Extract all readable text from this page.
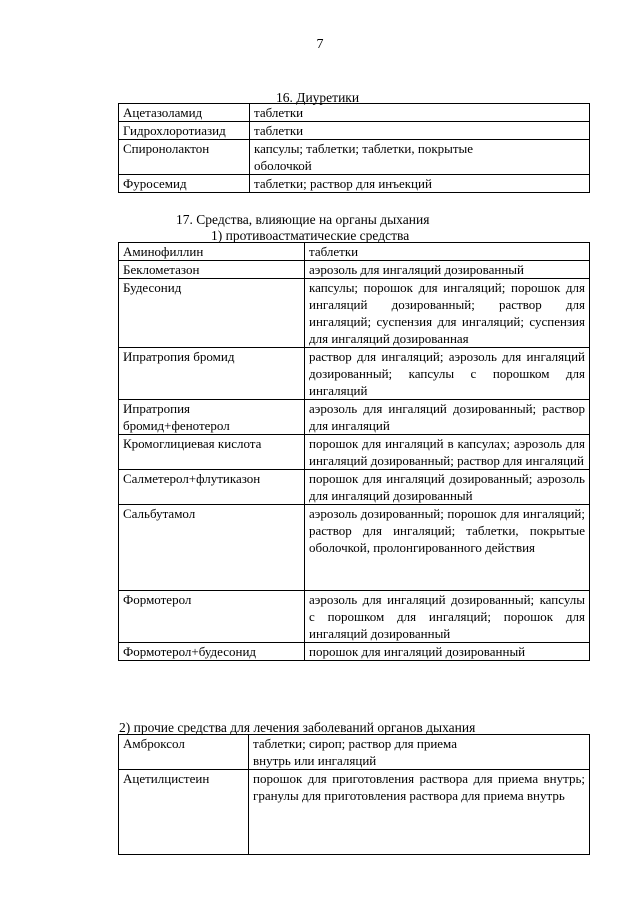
7
16. Диуретики
Ацетазоламид	таблетки
Гидрохлоротиазид	таблетки
Спиронолактон	капсулы; таблетки; таблетки, покрытые оболочкой
Фуросемид	таблетки; раствор для инъекций
17. Средства, влияющие на органы дыхания
1) противоастматические средства
Аминофиллин	таблетки
Беклометазон	аэрозоль для ингаляций дозированный
Будесонид	капсулы; порошок для ингаляций; порошок для ингаляций дозированный; раствор для ингаляций; суспензия для ингаляций; суспензия для ингаляций дозированная
Ипратропия бромид	раствор для ингаляций; аэрозоль для ингаляций дозированный; капсулы с порошком для ингаляций
Ипратропия бромид+фенотерол	аэрозоль для ингаляций дозированный; раствор для ингаляций
Кромоглициевая кислота	порошок для ингаляций в капсулах; аэрозоль для ингаляций дозированный; раствор для ингаляций
Салметерол+флутиказон	порошок для ингаляций дозированный; аэрозоль для ингаляций дозированный
Сальбутамол	аэрозоль дозированный; порошок для ингаляций; раствор для ингаляций; таблетки, покрытые оболочкой, пролонгированного действия
Формотерол	аэрозоль для ингаляций дозированный; капсулы с порошком для ингаляций; порошок для ингаляций дозированный
Формотерол+будесонид	порошок для ингаляций дозированный
2) прочие средства для лечения заболеваний органов дыхания
Амброксол	таблетки; сироп; раствор для приема внутрь или ингаляций
Ацетилцистеин	порошок для приготовления раствора для приема внутрь; гранулы для приготовления раствора для приема внутрь
